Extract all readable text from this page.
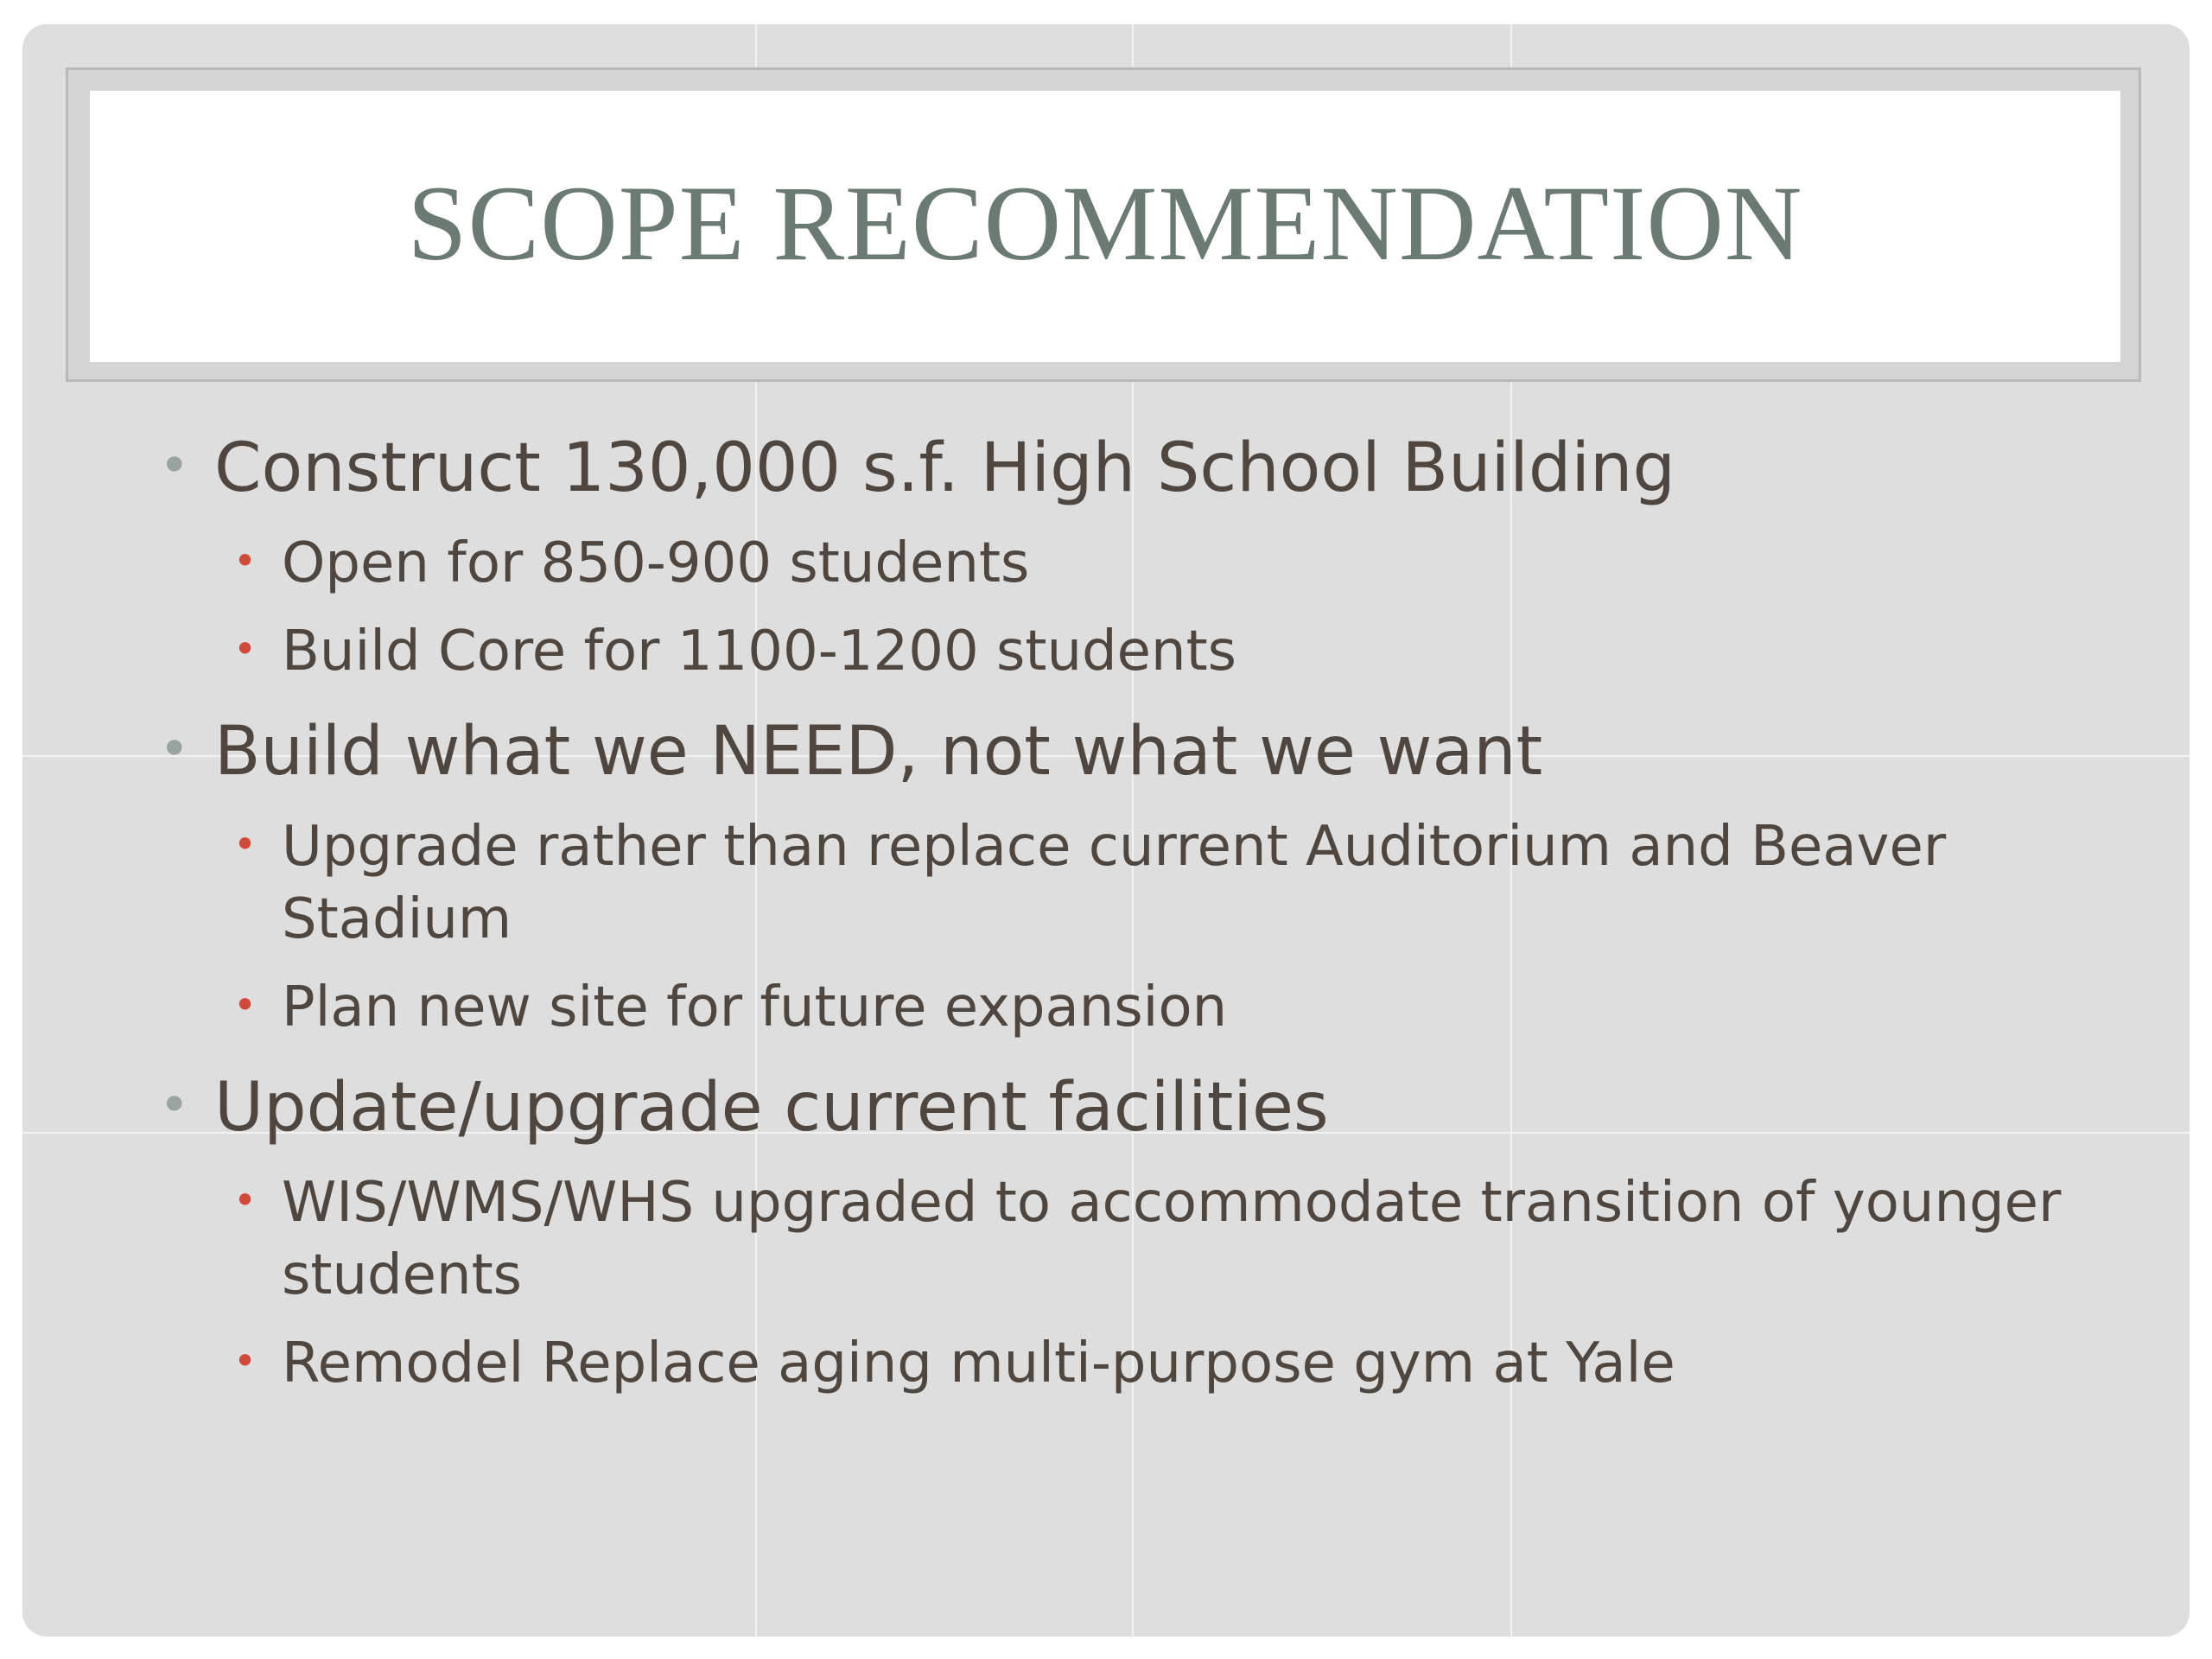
SCOPE RECOMMENDATION
• Construct 130,000 s.f. High School Building
• Open for 850-900 students
• Build Core for 1100-1200 students
• Build what we NEED, not what we want
• Upgrade rather than replace current Auditorium and Beaver Stadium
• Plan new site for future expansion
• Update/upgrade current facilities
• WIS/WMS/WHS upgraded to accommodate transition of younger students
• Remodel Replace aging multi-purpose gym at Yale
